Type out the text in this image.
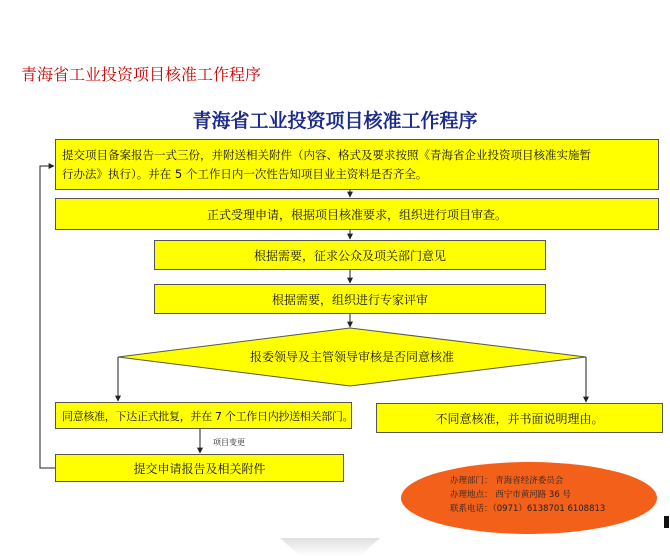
青海省工业投资项目核准工作程序
青海省工业投资项目核准工作程序
提交项目备案报告一式三份，并附送相关附件（内容、格式及要求按照《青海省企业投资项目核准实施暂
行办法》执行）。并在 5 个工作日内一次性告知项目业主资料是否齐全。
正式受理申请，根据项目核准要求，组织进行项目审查。
根据需要，征求公众及项关部门意见
根据需要，组织进行专家评审
报委领导及主管领导审核是否同意核准
同意核准，下达正式批复，并在 7 个工作日内抄送相关部门。	不同意核准，并书面说明理由。
项目变更
提交申请报告及相关附件
办理部门： 青海省经济委员会
办理地点： 西宁市黄河路 36 号
联系电话：（0971）6138701 6108813
